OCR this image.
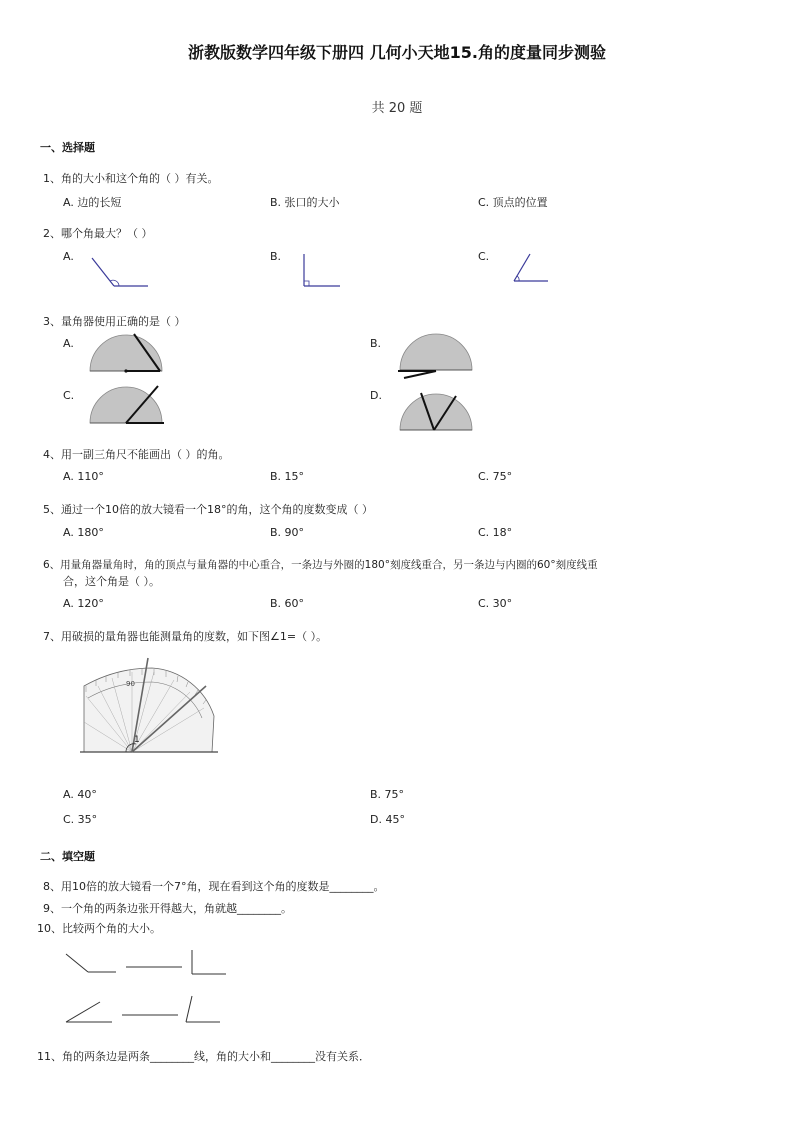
浙教版数学四年级下册四 几何小天地15.角的度量同步测验
共 20 题
一、选择题
1、角的大小和这个角的（ ）有关。
A. 边的长短	B. 张口的大小	C. 顶点的位置
2、哪个角最大？（ ）
A.	B.	C.
3、量角器使用正确的是（ ）
A.	B.
C.	D.
4、用一副三角尺不能画出（ ）的角。
A. 110°	B. 15°	C. 75°
5、通过一个10倍的放大镜看一个18°的角，这个角的度数变成（ ）
A. 180°	B. 90°	C. 18°
6、用量角器量角时，角的顶点与量角器的中心重合，一条边与外圈的180°刻度线重合，另一条边与内圈的60°刻度线重
合，这个角是（ ）。
A. 120°	B. 60°	C. 30°
7、用破损的量角器也能测量角的度数，如下图∠1=（ ）。
90
1
A. 40°	B. 75°
C. 35°	D. 45°
二、填空题
8、用10倍的放大镜看一个7°角，现在看到这个角的度数是________。
9、一个角的两条边张开得越大，角就越________。
10、比较两个角的大小。
11、角的两条边是两条________线，角的大小和________没有关系．
